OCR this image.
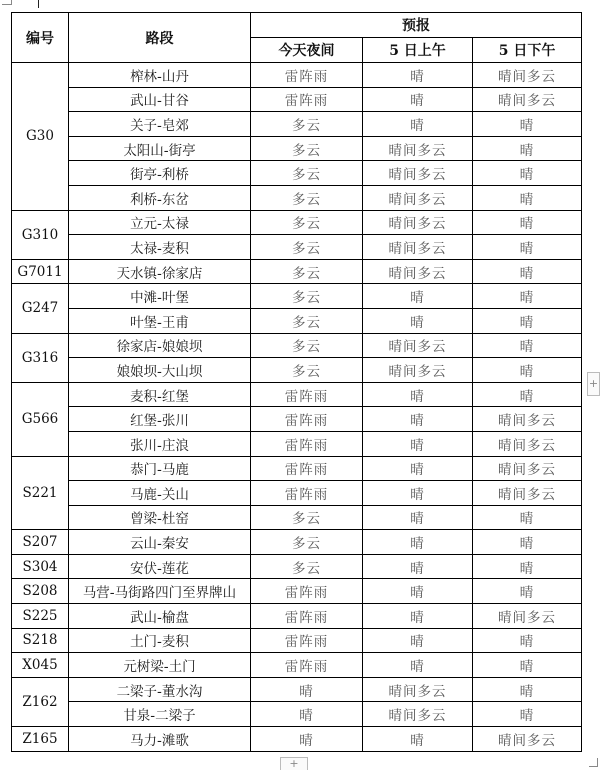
编号	路段	预报		
		今天夜间	5 日上午	5 日下午
G30	榨林-山丹	雷阵雨	晴	晴间多云
	武山-甘谷	雷阵雨	晴	晴间多云
	关子-皂郊	多云	晴	晴
	太阳山-街亭	多云	晴间多云	晴
	街亭-利桥	多云	晴间多云	晴
	利桥-东岔	多云	晴间多云	晴
G310	立元-太禄	多云	晴间多云	晴
	太禄-麦积	多云	晴间多云	晴
G7011	天水镇-徐家店	多云	晴间多云	晴
G247	中滩-叶堡	多云	晴	晴
	叶堡-王甫	多云	晴	晴
G316	徐家店-娘娘坝	多云	晴间多云	晴
	娘娘坝-大山坝	多云	晴间多云	晴
G566	麦积-红堡	雷阵雨	晴	晴
	红堡-张川	雷阵雨	晴	晴间多云
	张川-庄浪	雷阵雨	晴	晴间多云
S221	恭门-马鹿	雷阵雨	晴	晴间多云
	马鹿-关山	雷阵雨	晴	晴间多云
	曾梁-杜窑	多云	晴	晴
S207	云山-秦安	多云	晴	晴
S304	安伏-莲花	多云	晴	晴
S208	马营-马街路四门至界牌山	雷阵雨	晴	晴
S225	武山-榆盘	雷阵雨	晴	晴间多云
S218	土门-麦积	雷阵雨	晴	晴
X045	元树梁-土门	雷阵雨	晴	晴
Z162	二梁子-董水沟	晴	晴间多云	晴
	甘泉-二梁子	晴	晴间多云	晴
Z165	马力-滩歌	晴	晴	晴间多云
+
+
